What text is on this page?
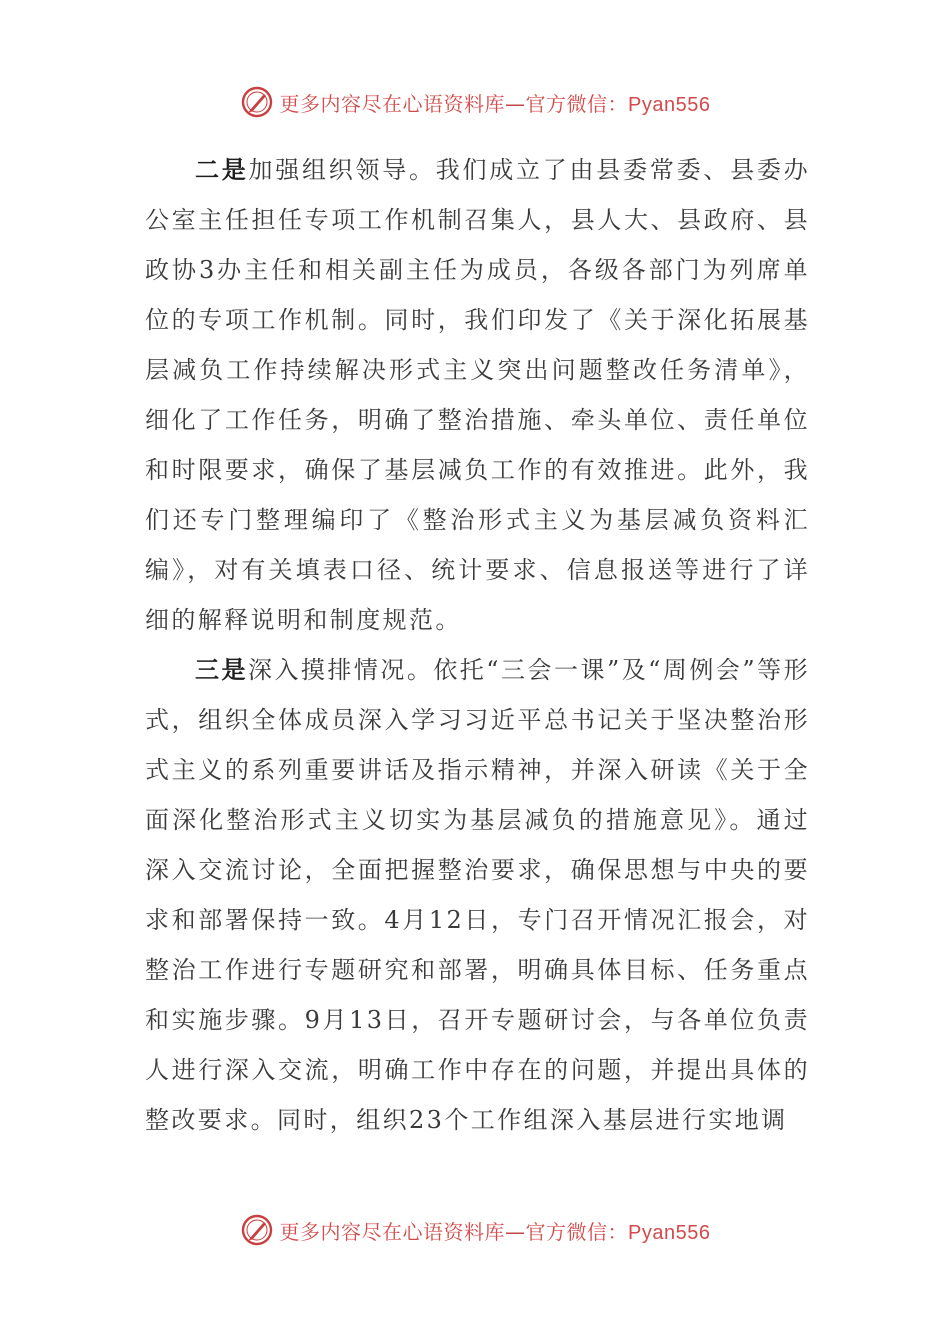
更多内容尽在心语资料库—官方微信：Pyan556

二是加强组织领导。我们成立了由县委常委、县委办公室主任担任专项工作机制召集人，县人大、县政府、县政协3办主任和相关副主任为成员，各级各部门为列席单位的专项工作机制。同时，我们印发了《关于深化拓展基层减负工作持续解决形式主义突出问题整改任务清单》，细化了工作任务，明确了整治措施、牵头单位、责任单位和时限要求，确保了基层减负工作的有效推进。此外，我们还专门整理编印了《整治形式主义为基层减负资料汇编》，对有关填表口径、统计要求、信息报送等进行了详细的解释说明和制度规范。

三是深入摸排情况。依托“三会一课”及“周例会”等形式，组织全体成员深入学习习近平总书记关于坚决整治形式主义的系列重要讲话及指示精神，并深入研读《关于全面深化整治形式主义切实为基层减负的措施意见》。通过深入交流讨论，全面把握整治要求，确保思想与中央的要求和部署保持一致。4月12日，专门召开情况汇报会，对整治工作进行专题研究和部署，明确具体目标、任务重点和实施步骤。9月13日，召开专题研讨会，与各单位负责人进行深入交流，明确工作中存在的问题，并提出具体的整改要求。同时，组织23个工作组深入基层进行实地调

更多内容尽在心语资料库—官方微信：Pyan556
